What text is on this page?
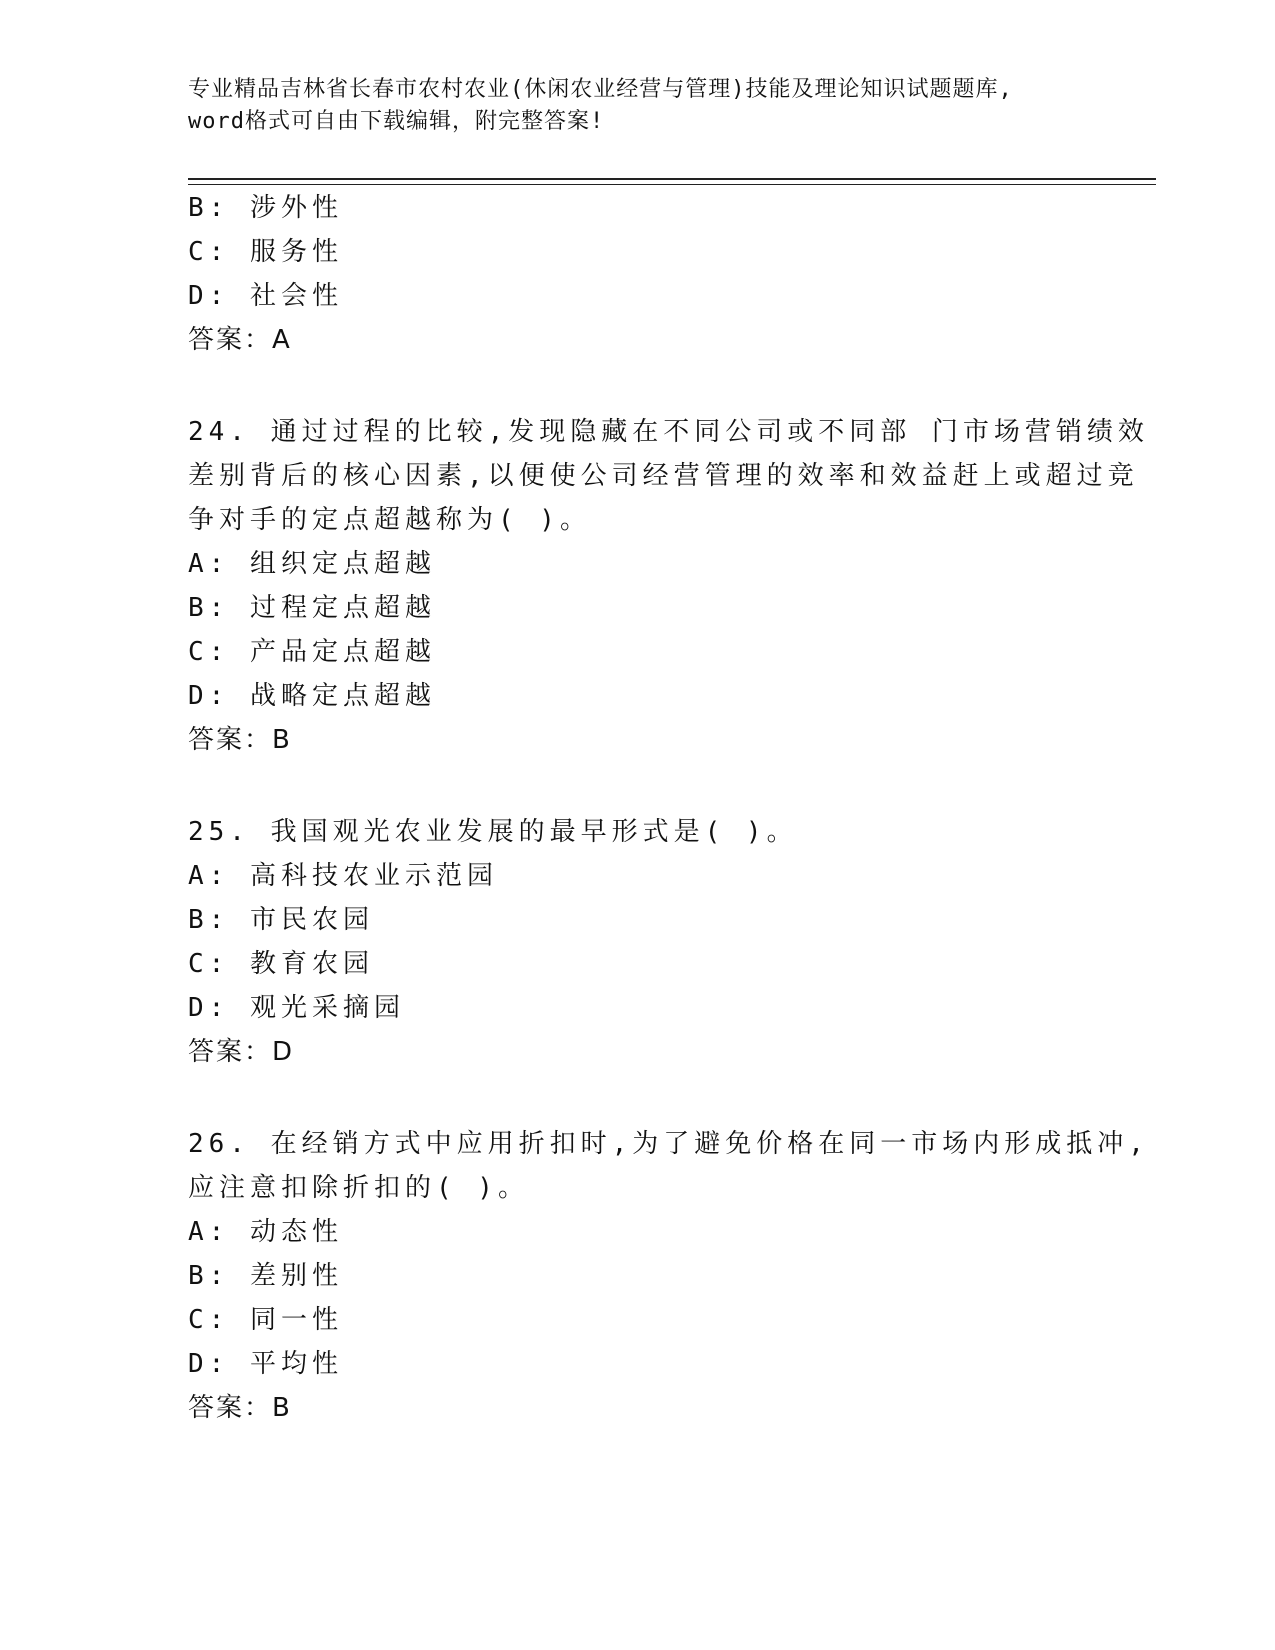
专业精品吉林省长春市农村农业(休闲农业经营与管理)技能及理论知识试题题库,
word格式可自由下载编辑，附完整答案!
B: 涉外性
C: 服务性
D: 社会性
答案：A
24. 通过过程的比较,发现隐藏在不同公司或不同部 门市场营销绩效
差别背后的核心因素,以便使公司经营管理的效率和效益赶上或超过竞
争对手的定点超越称为( )。
A: 组织定点超越
B: 过程定点超越
C: 产品定点超越
D: 战略定点超越
答案：B
25. 我国观光农业发展的最早形式是( )。
A: 高科技农业示范园
B: 市民农园
C: 教育农园
D: 观光采摘园
答案：D
26. 在经销方式中应用折扣时,为了避免价格在同一市场内形成抵冲,
应注意扣除折扣的( )。
A: 动态性
B: 差别性
C: 同一性
D: 平均性
答案：B
